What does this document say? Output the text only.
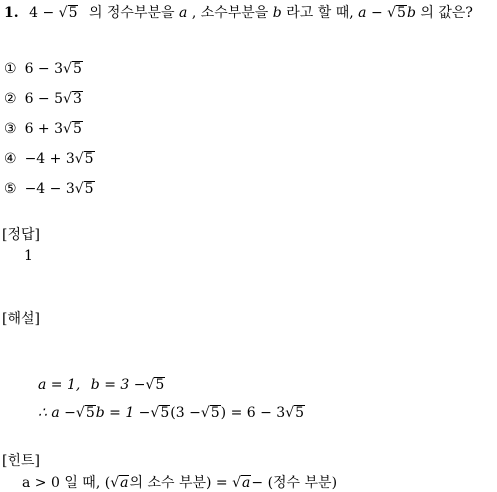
1. 4 − √ 5 의 정수부분을 a , 소수부분을 b 라고 할 때, a − √ 5 b 의 값은?
① 6 − 3 √ 5
② 6 − 5 √ 3
③ 6 + 3 √ 5
④ −4 + 3 √ 5
⑤ −4 − 3 √ 5
[정답]
1
[해설]
a = 1, b = 3 − √ 5
∴ a − √ 5 b = 1 − √ 5 (3 − √ 5 ) = 6 − 3 √ 5
[힌트]
a > 0 일 때, ( √ a 의 소수 부분) = √ a − (정수 부분)
